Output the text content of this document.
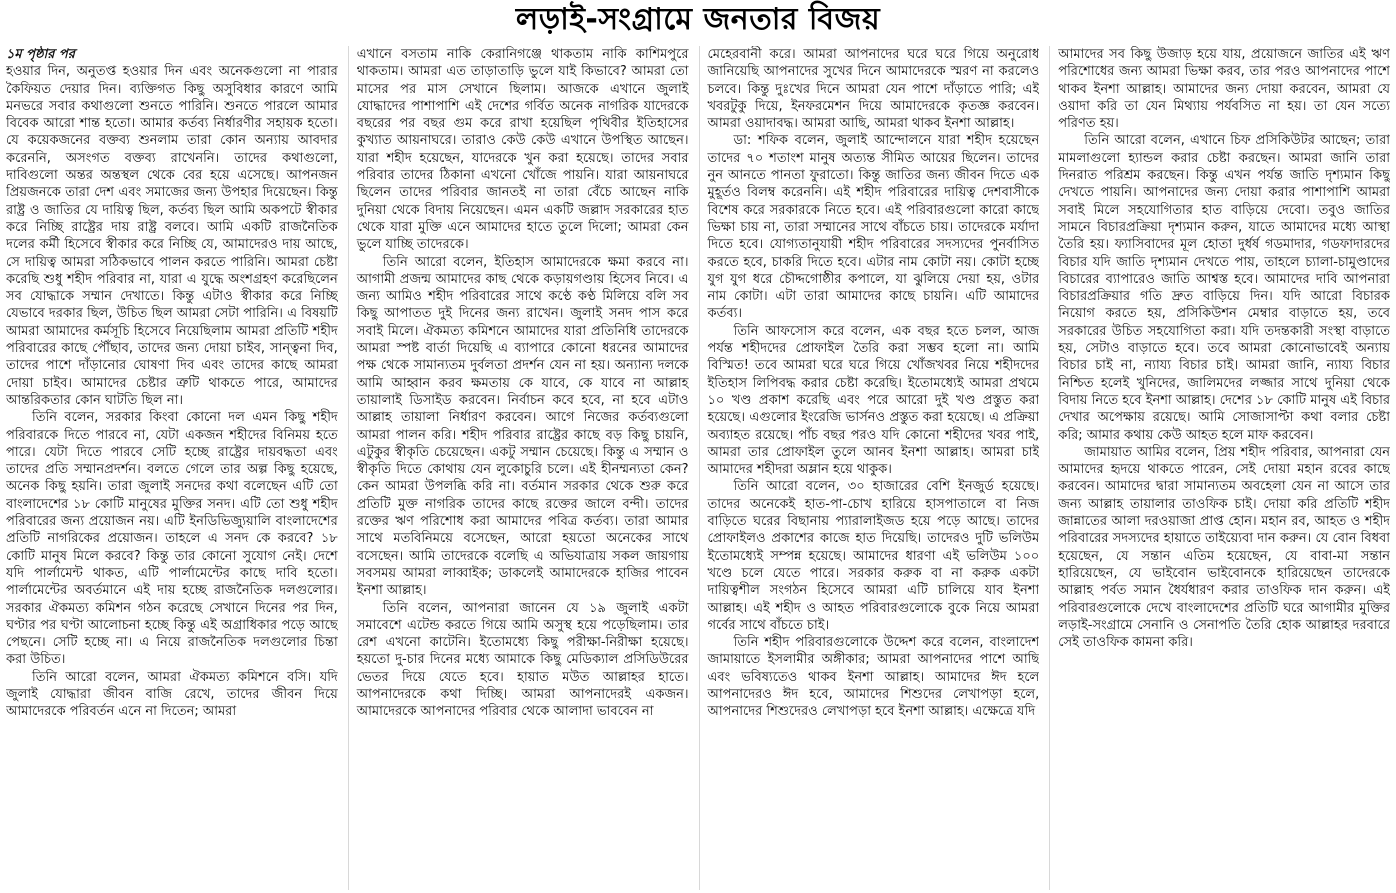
লড়াই-সংগ্রামে জনতার বিজয়
১ম পৃষ্ঠার পর

হওয়ার দিন, অনুতপ্ত হওয়ার দিন এবং অনেকগুলো না পারার কৈফিয়ত দেয়ার দিন। ব্যক্তিগত কিছু অসুবিধার কারণে আমি মনভরে সবার কথাগুলো শুনতে পারিনি। শুনতে পারলে আমার বিবেক আরো শান্ত হতো। আমার কর্তব্য নির্ধারণীর সহায়ক হতো। যে কয়েকজনের বক্তব্য শুনলাম তারা কোন অন্যায় আবদার করেননি, অসংগত বক্তব্য রাখেননি। তাদের কথাগুলো, দাবিগুলো অন্তর অন্তস্থল থেকে বের হয়ে এসেছে। আপনজন প্রিয়জনকে তারা দেশ এবং সমাজের জন্য উপহার দিয়েছেন। কিন্তু রাষ্ট্র ও জাতির যে দায়িত্ব ছিল, কর্তব্য ছিল আমি অকপটে স্বীকার করে নিচ্ছি রাষ্ট্রের দায় রাষ্ট্র বলবে। আমি একটি রাজনৈতিক দলের কর্মী হিসেবে স্বীকার করে নিচ্ছি যে, আমাদেরও দায় আছে, সে দায়িত্ব আমরা সঠিকভাবে পালন করতে পারিনি। আমরা চেষ্টা করেছি শুধু শহীদ পরিবার না, যারা এ যুদ্ধে অংশগ্রহণ করেছিলেন সব যোদ্ধাকে সম্মান দেখাতে। কিন্তু এটাও স্বীকার করে নিচ্ছি যেভাবে দরকার ছিল, উচিত ছিল আমরা সেটা পারিনি। এ বিষয়টি আমরা আমাদের কর্মসূচি হিসেবে নিয়েছিলাম আমরা প্রতিটি শহীদ পরিবারের কাছে পৌঁছাব, তাদের জন্য দোয়া চাইব, সান্ত্বনা দিব, তাদের পাশে দাঁড়ানোর ঘোষণা দিব এবং তাদের কাছে আমরা দোয়া চাইব। আমাদের চেষ্টার ত্রুটি থাকতে পারে, আমাদের আন্তরিকতার কোন ঘাটতি ছিল না।

তিনি বলেন, সরকার কিংবা কোনো দল এমন কিছু শহীদ পরিবারকে দিতে পারবে না, যেটা একজন শহীদের বিনিময় হতে পারে। যেটা দিতে পারবে সেটি হচ্ছে রাষ্ট্রের দায়বদ্ধতা এবং তাদের প্রতি সম্মানপ্রদর্শন। বলতে গেলে তার অল্প কিছু হয়েছে, অনেক কিছু হয়নি। তারা জুলাই সনদের কথা বলেছেন এটি তো বাংলাদেশের ১৮ কোটি মানুষের মুক্তির সনদ। এটি তো শুধু শহীদ পরিবারের জন্য প্রয়োজন নয়। এটি ইনডিভিজ্যুয়ালি বাংলাদেশের প্রতিটি নাগরিকের প্রয়োজন। তাহলে এ সনদ কে করবে? ১৮ কোটি মানুষ মিলে করবে? কিন্তু তার কোনো সুযোগ নেই। দেশে যদি পার্লামেন্ট থাকত, এটি পার্লামেন্টের কাছে দাবি হতো। পার্লামেন্টের অবর্তমানে এই দায় হচ্ছে রাজনৈতিক দলগুলোর। সরকার ঐকমত্য কমিশন গঠন করেছে সেখানে দিনের পর দিন, ঘণ্টার পর ঘণ্টা আলোচনা হচ্ছে কিন্তু এই অগ্রাধিকার পড়ে আছে পেছনে। সেটি হচ্ছে না। এ নিয়ে রাজনৈতিক দলগুলোর চিন্তা করা উচিত।

তিনি আরো বলেন, আমরা ঐকমত্য কমিশনে বসি। যদি জুলাই যোদ্ধারা জীবন বাজি রেখে, তাদের জীবন দিয়ে আমাদেরকে পরিবর্তন এনে না দিতেন; আমরা

এখানে বসতাম নাকি কেরানিগঞ্জে থাকতাম নাকি কাশিমপুরে থাকতাম। আমরা এত তাড়াতাড়ি ভুলে যাই কিভাবে? আমরা তো মাসের পর মাস সেখানে ছিলাম। আজকে এখানে জুলাই যোদ্ধাদের পাশাপাশি এই দেশের গর্বিত অনেক নাগরিক যাদেরকে বছরের পর বছর গুম করে রাখা হয়েছিল পৃথিবীর ইতিহাসের কুখ্যাত আয়নাঘরে। তারাও কেউ কেউ এখানে উপস্থিত আছেন। যারা শহীদ হয়েছেন, যাদেরকে খুন করা হয়েছে। তাদের সবার পরিবার তাদের ঠিকানা এখনো খোঁজে পায়নি। যারা আয়নাঘরে ছিলেন তাদের পরিবার জানতই না তারা বেঁচে আছেন নাকি দুনিয়া থেকে বিদায় নিয়েছেন। এমন একটি জল্লাদ সরকারের হাত থেকে যারা মুক্তি এনে আমাদের হাতে তুলে দিলো; আমরা কেন ভুলে যাচ্ছি তাদেরকে।

তিনি আরো বলেন, ইতিহাস আমাদেরকে ক্ষমা করবে না। আগামী প্রজন্ম আমাদের কাছ থেকে কড়ায়গণ্ডায় হিসেব নিবে। এ জন্য আমিও শহীদ পরিবারের সাথে কণ্ঠে কণ্ঠ মিলিয়ে বলি সব কিছু আপাতত দুই দিনের জন্য রাখেন। জুলাই সনদ পাস করে সবাই মিলে। ঐকমত্য কমিশনে আমাদের যারা প্রতিনিধি তাদেরকে আমরা স্পষ্ট বার্তা দিয়েছি এ ব্যাপারে কোনো ধরনের আমাদের পক্ষ থেকে সামান্যতম দুর্বলতা প্রদর্শন যেন না হয়। অন্যান্য দলকে আমি আহ্বান করব ক্ষমতায় কে যাবে, কে যাবে না আল্লাহ তায়ালাই ডিসাইড করবেন। নির্বাচন কবে হবে, না হবে এটাও আল্লাহ তায়ালা নির্ধারণ করবেন। আগে নিজের কর্তব্যগুলো আমরা পালন করি। শহীদ পরিবার রাষ্ট্রের কাছে বড় কিছু চায়নি, এটুকুর স্বীকৃতি চেয়েছেন। একটু সম্মান চেয়েছে। কিন্তু এ সম্মান ও স্বীকৃতি দিতে কোথায় যেন লুকোচুরি চলে। এই হীনম্মন্যতা কেন? কেন আমরা উপলব্ধি করি না। বর্তমান সরকার থেকে শুরু করে প্রতিটি মুক্ত নাগরিক তাদের কাছে রক্তের জালে বন্দী। তাদের রক্তের ঋণ পরিশোধ করা আমাদের পবিত্র কর্তব্য। তারা আমার সাথে মতবিনিময়ে বসেছেন, আরো হয়তো অনেকের সাথে বসেছেন। আমি তাদেরকে বলেছি এ অভিযাত্রায় সকল জায়গায় সবসময় আমরা লাব্বাইক; ডাকলেই আমাদেরকে হাজির পাবেন ইনশা আল্লাহ।

তিনি বলেন, আপনারা জানেন যে ১৯ জুলাই একটা সমাবেশে এটেন্ড করতে গিয়ে আমি অসুস্থ হয়ে পড়েছিলাম। তার রেশ এখনো কাটেনি। ইতোমধ্যে কিছু পরীক্ষা-নিরীক্ষা হয়েছে। হয়তো দু-চার দিনের মধ্যে আমাকে কিছু মেডিক্যাল প্রসিডিউরের ভেতর দিয়ে যেতে হবে। হায়াত মউত আল্লাহর হাতে। আপনাদেরকে কথা দিচ্ছি। আমরা আপনাদেরই একজন। আমাদেরকে আপনাদের পরিবার থেকে আলাদা ভাববেন না

মেহেরবানী করে। আমরা আপনাদের ঘরে ঘরে গিয়ে অনুরোধ জানিয়েছি আপনাদের সুখের দিনে আমাদেরকে স্মরণ না করলেও চলবে। কিন্তু দুঃখের দিনে আমরা যেন পাশে দাঁড়াতে পারি; এই খবরটুকু দিয়ে, ইনফরমেশন দিয়ে আমাদেরকে কৃতজ্ঞ করবেন। আমরা ওয়াদাবদ্ধ। আমরা আছি, আমরা থাকব ইনশা আল্লাহ।

ডা: শফিক বলেন, জুলাই আন্দোলনে যারা শহীদ হয়েছেন তাদের ৭০ শতাংশ মানুষ অত্যন্ত সীমিত আয়ের ছিলেন। তাদের নুন আনতে পানতা ফুরাতো। কিন্তু জাতির জন্য জীবন দিতে এক মুহূর্তও বিলম্ব করেননি। এই শহীদ পরিবারের দায়িত্ব দেশবাসীকে বিশেষ করে সরকারকে নিতে হবে। এই পরিবারগুলো কারো কাছে ভিক্ষা চায় না, তারা সম্মানের সাথে বাঁচতে চায়। তাদেরকে মর্যাদা দিতে হবে। যোগ্যতানুযায়ী শহীদ পরিবারের সদস্যদের পুনর্বাসিত করতে হবে, চাকরি দিতে হবে। এটার নাম কোটা নয়। কোটা হচ্ছে যুগ যুগ ধরে চৌদ্দগোষ্ঠীর কপালে, যা ঝুলিয়ে দেয়া হয়, ওটার নাম কোটা। এটা তারা আমাদের কাছে চায়নি। এটি আমাদের কর্তব্য।

তিনি আফসোস করে বলেন, এক বছর হতে চলল, আজ পর্যন্ত শহীদদের প্রোফাইল তৈরি করা সম্ভব হলো না। আমি বিস্মিত! তবে আমরা ঘরে ঘরে গিয়ে খোঁজখবর নিয়ে শহীদদের ইতিহাস লিপিবদ্ধ করার চেষ্টা করেছি। ইতোমধ্যেই আমরা প্রথমে ১০ খণ্ড প্রকাশ করেছি এবং পরে আরো দুই খণ্ড প্রস্তুত করা হয়েছে। এগুলোর ইংরেজি ভার্সনও প্রস্তুত করা হয়েছে। এ প্রক্রিয়া অব্যাহত রয়েছে। পাঁচ বছর পরও যদি কোনো শহীদের খবর পাই, আমরা তার প্রোফাইল তুলে আনব ইনশা আল্লাহ। আমরা চাই আমাদের শহীদরা অম্লান হয়ে থাকুক।

তিনি আরো বলেন, ৩০ হাজারের বেশি ইনজুর্ড হয়েছে। তাদের অনেকেই হাত-পা-চোখ হারিয়ে হাসপাতালে বা নিজ বাড়িতে ঘরের বিছানায় প্যারালাইজড হয়ে পড়ে আছে। তাদের প্রোফাইলও প্রকাশের কাজে হাত দিয়েছি। তাদেরও দুটি ভলিউম ইতোমধ্যেই সম্পন্ন হয়েছে। আমাদের ধারণা এই ভলিউম ১০০ খণ্ডে চলে যেতে পারে। সরকার করুক বা না করুক একটা দায়িত্বশীল সংগঠন হিসেবে আমরা এটি চালিয়ে যাব ইনশা আল্লাহ। এই শহীদ ও আহত পরিবারগুলোকে বুকে নিয়ে আমরা গর্বের সাথে বাঁচতে চাই।

তিনি শহীদ পরিবারগুলোকে উদ্দেশ করে বলেন, বাংলাদেশ জামায়াতে ইসলামীর অঙ্গীকার; আমরা আপনাদের পাশে আছি এবং ভবিষ্যতেও থাকব ইনশা আল্লাহ। আমাদের ঈদ হলে আপনাদেরও ঈদ হবে, আমাদের শিশুদের লেখাপড়া হলে, আপনাদের শিশুদেরও লেখাপড়া হবে ইনশা আল্লাহ। এক্ষেত্রে যদি

আমাদের সব কিছু উজাড় হয়ে যায়, প্রয়োজনে জাতির এই ঋণ পরিশোধের জন্য আমরা ভিক্ষা করব, তার পরও আপনাদের পাশে থাকব ইনশা আল্লাহ। আমাদের জন্য দোয়া করবেন, আমরা যে ওয়াদা করি তা যেন মিথ্যায় পর্যবসিত না হয়। তা যেন সত্যে পরিণত হয়।

তিনি আরো বলেন, এখানে চিফ প্রসিকিউটর আছেন; তারা মামলাগুলো হ্যান্ডল করার চেষ্টা করছেন। আমরা জানি তারা দিনরাত পরিশ্রম করছেন। কিন্তু এখন পর্যন্ত জাতি দৃশ্যমান কিছু দেখতে পায়নি। আপনাদের জন্য দোয়া করার পাশাপাশি আমরা সবাই মিলে সহযোগিতার হাত বাড়িয়ে দেবো। তবুও জাতির সামনে বিচারপ্রক্রিয়া দৃশ্যমান করুন, যাতে আমাদের মধ্যে আস্থা তৈরি হয়। ফ্যাসিবাদের মূল হোতা দুর্ধর্ষ গডমাদার, গডফাদারদের বিচার যদি জাতি দৃশ্যমান দেখতে পায়, তাহলে চ্যালা-চামুণ্ডাদের বিচারের ব্যাপারেও জাতি আশ্বস্ত হবে। আমাদের দাবি আপনারা বিচারপ্রক্রিয়ার গতি দ্রুত বাড়িয়ে দিন। যদি আরো বিচারক নিয়োগ করতে হয়, প্রসিকিউশন মেম্বার বাড়াতে হয়, তবে সরকারের উচিত সহযোগিতা করা। যদি তদন্তকারী সংস্থা বাড়াতে হয়, সেটাও বাড়াতে হবে। তবে আমরা কোনোভাবেই অন্যায় বিচার চাই না, ন্যায্য বিচার চাই। আমরা জানি, ন্যায্য বিচার নিশ্চিত হলেই খুনিদের, জালিমদের লজ্জার সাথে দুনিয়া থেকে বিদায় নিতে হবে ইনশা আল্লাহ। দেশের ১৮ কোটি মানুষ এই বিচার দেখার অপেক্ষায় রয়েছে। আমি সোজাসাপ্টা কথা বলার চেষ্টা করি; আমার কথায় কেউ আহত হলে মাফ করবেন।

জামায়াত আমির বলেন, প্রিয় শহীদ পরিবার, আপনারা যেন আমাদের হৃদয়ে থাকতে পারেন, সেই দোয়া মহান রবের কাছে করবেন। আমাদের দ্বারা সামান্যতম অবহেলা যেন না আসে তার জন্য আল্লাহ তায়ালার তাওফিক চাই। দোয়া করি প্রতিটি শহীদ জান্নাতের আলা দরওয়াজা প্রাপ্ত হোন। মহান রব, আহত ও শহীদ পরিবারের সদস্যদের হায়াতে তাইয়্যেবা দান করুন। যে বোন বিধবা হয়েছেন, যে সন্তান এতিম হয়েছেন, যে বাবা-মা সন্তান হারিয়েছেন, যে ভাইবোন ভাইবোনকে হারিয়েছেন তাদেরকে আল্লাহ পর্বত সমান ধৈর্যধারণ করার তাওফিক দান করুন। এই পরিবারগুলোকে দেখে বাংলাদেশের প্রতিটি ঘরে আগামীর মুক্তির লড়াই-সংগ্রামে সেনানি ও সেনাপতি তৈরি হোক আল্লাহর দরবারে সেই তাওফিক কামনা করি।
